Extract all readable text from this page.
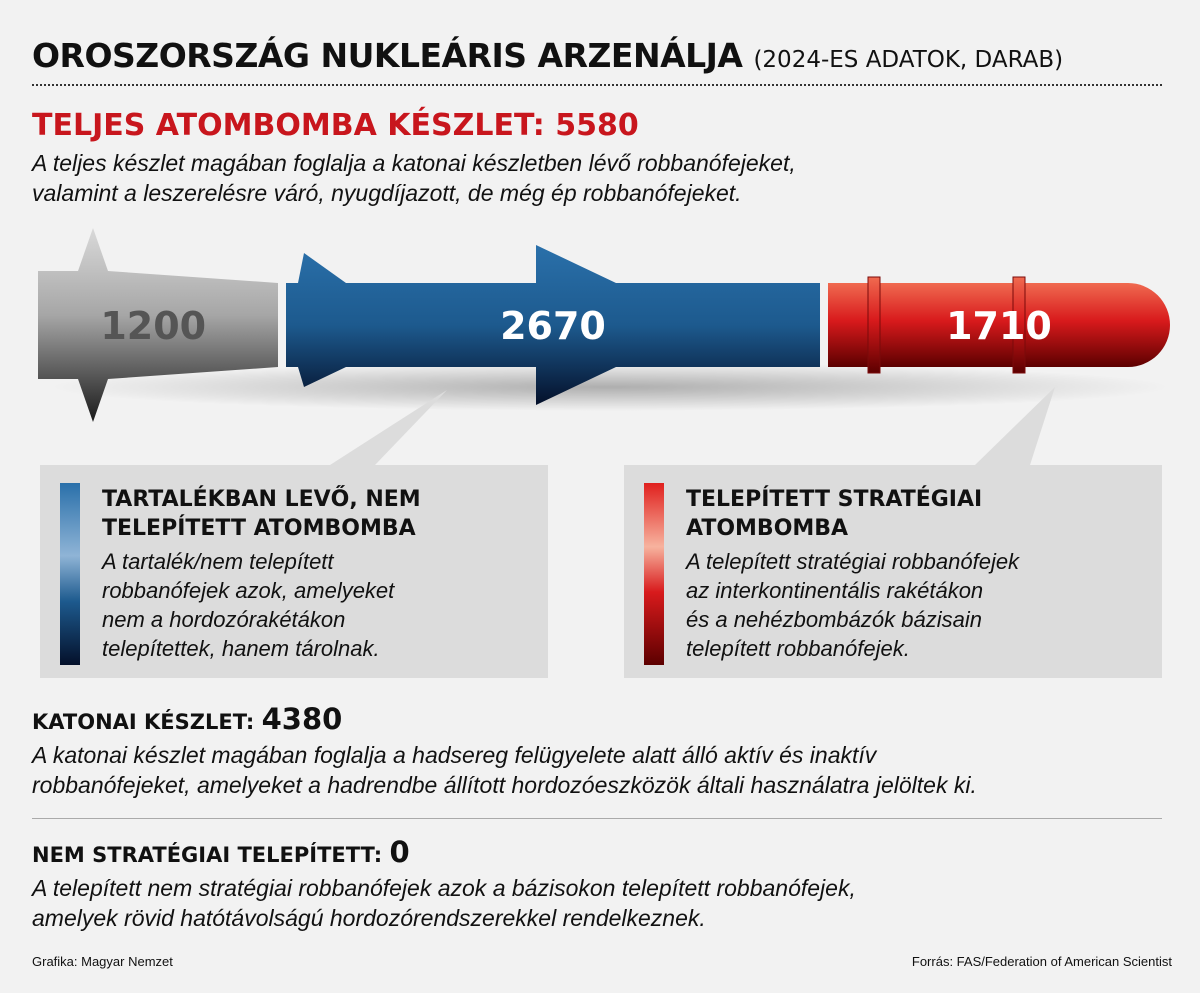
OROSZORSZÁG NUKLEÁRIS ARZENÁLJA (2024-ES ADATOK, DARAB)
TELJES ATOMBOMBA KÉSZLET: 5580
A teljes készlet magában foglalja a katonai készletben lévő robbanófejeket,
valamint a leszerelésre váró, nyugdíjazott, de még ép robbanófejeket.
1200	2670	1710
TARTALÉKBAN LEVŐ, NEM
TELEPÍTETT ATOMBOMBA
A tartalék/nem telepített
robbanófejek azok, amelyeket
nem a hordozórakétákon
telepítettek, hanem tárolnak.
TELEPÍTETT STRATÉGIAI
ATOMBOMBA
A telepített stratégiai robbanófejek
az interkontinentális rakétákon
és a nehézbombázók bázisain
telepített robbanófejek.
KATONAI KÉSZLET: 4380
A katonai készlet magában foglalja a hadsereg felügyelete alatt álló aktív és inaktív
robbanófejeket, amelyeket a hadrendbe állított hordozóeszközök általi használatra jelöltek ki.
NEM STRATÉGIAI TELEPÍTETT: 0
A telepített nem stratégiai robbanófejek azok a bázisokon telepített robbanófejek,
amelyek rövid hatótávolságú hordozórendszerekkel rendelkeznek.
Grafika: Magyar Nemzet	Forrás: FAS/Federation of American Scientist
